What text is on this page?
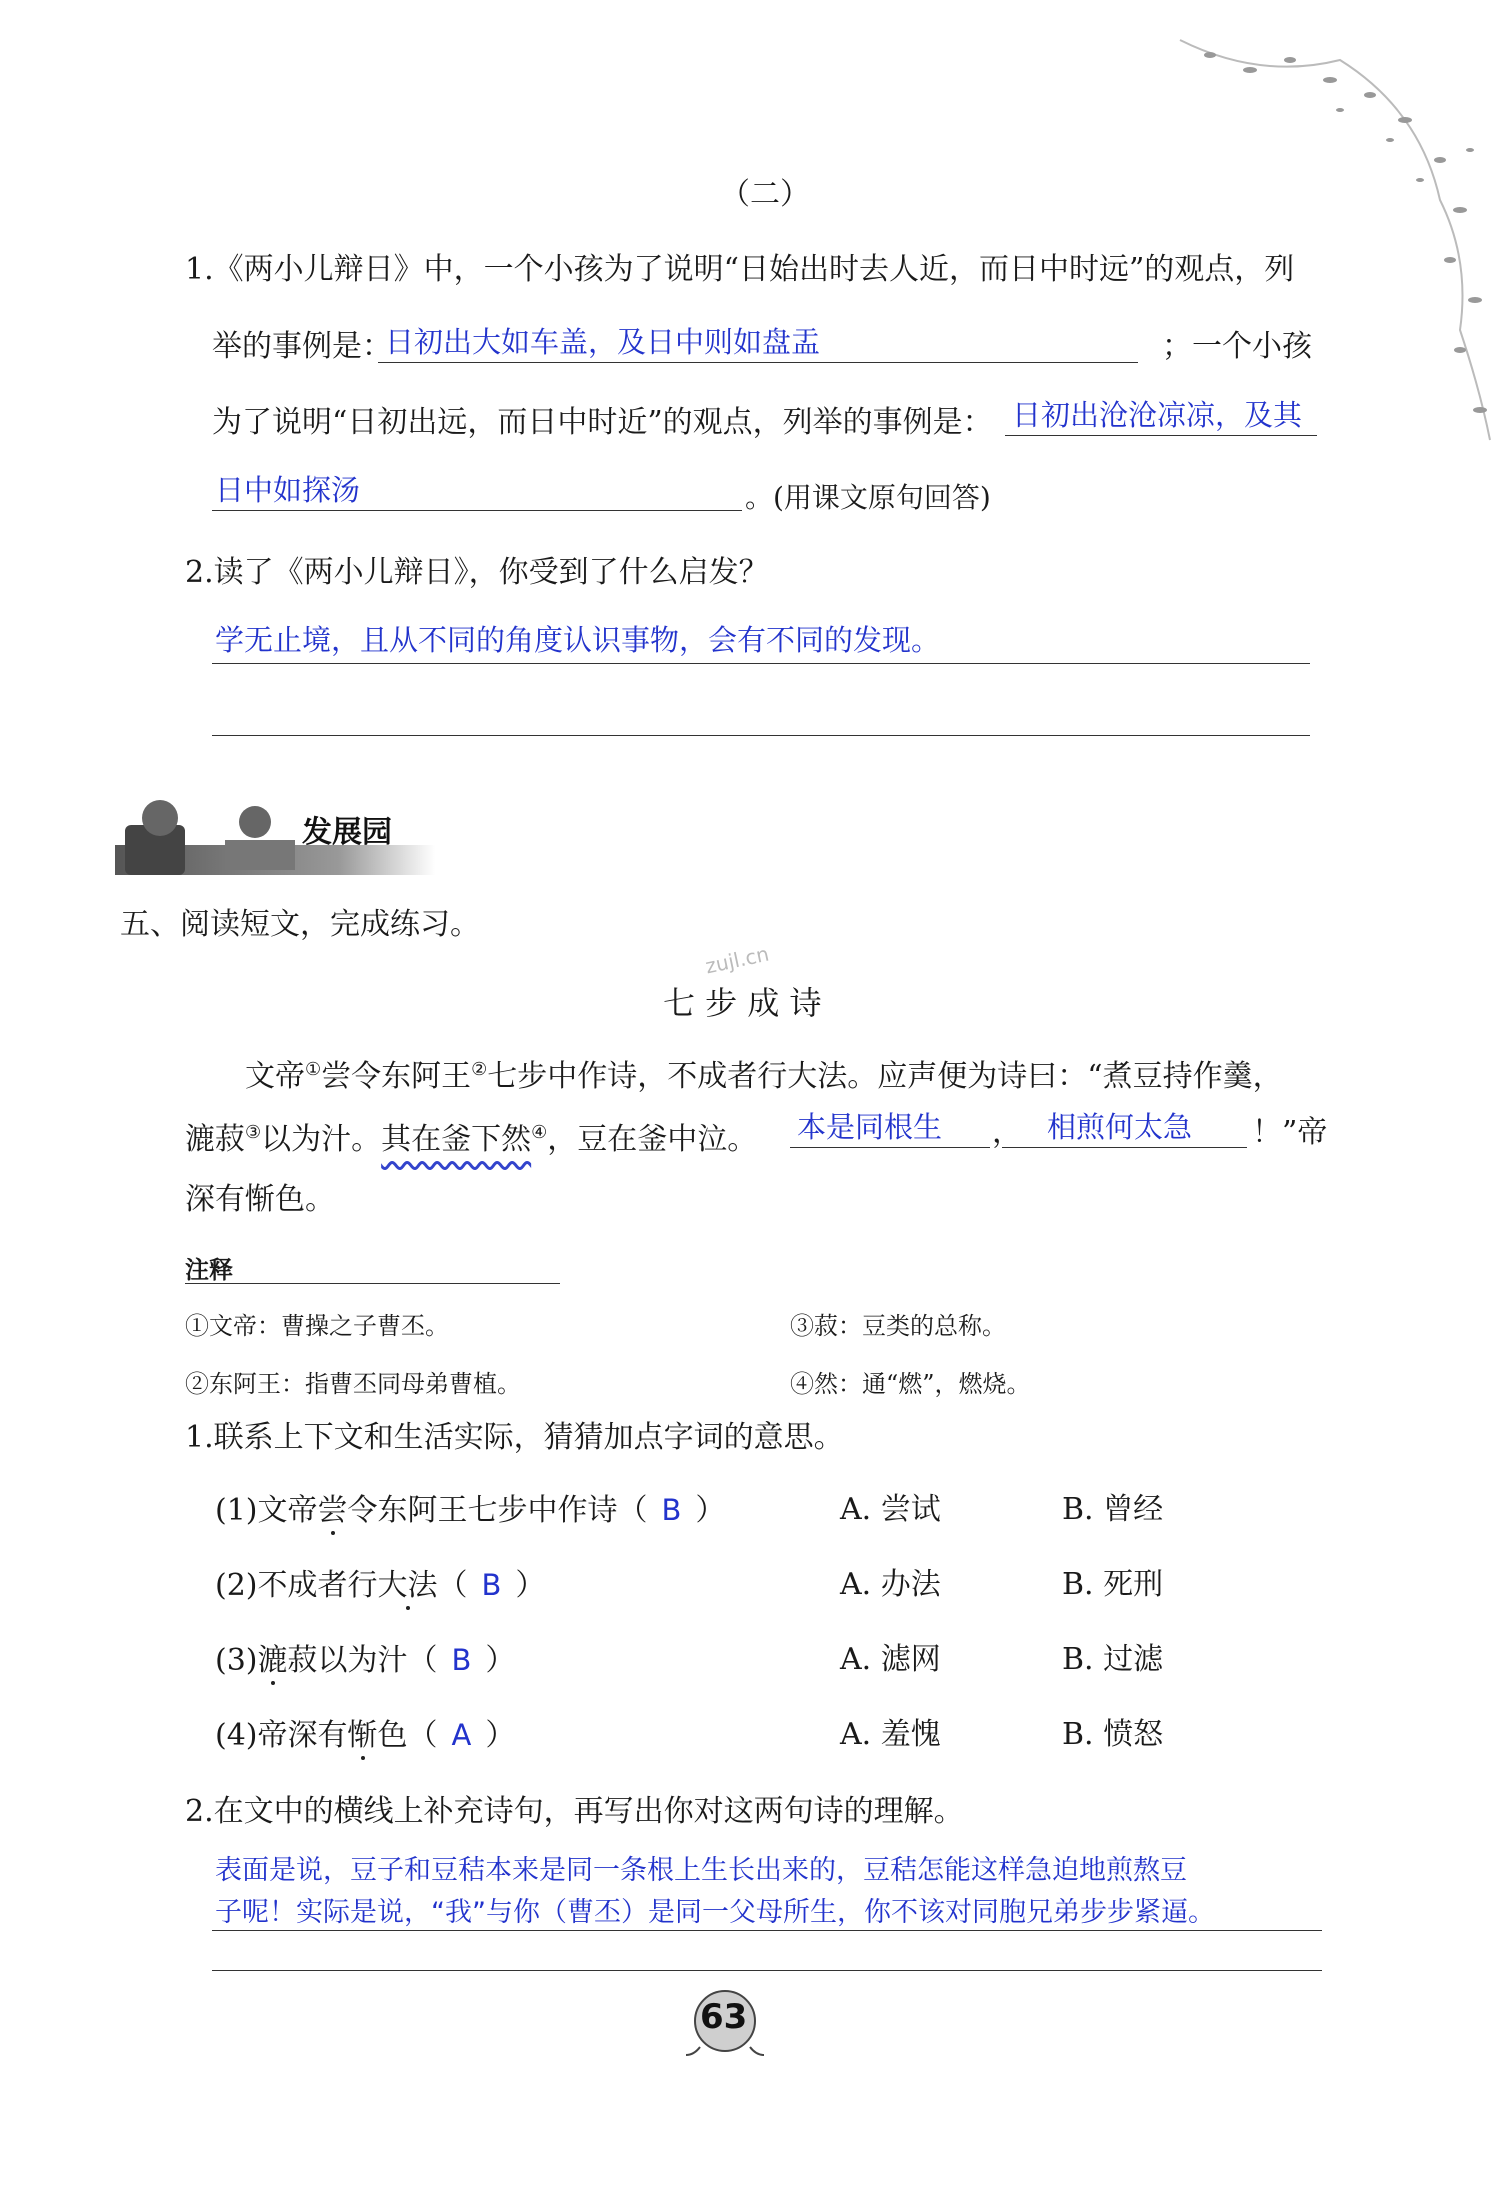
（二）
1.《两小儿辩日》中，一个小孩为了说明“日始出时去人近，而日中时远”的观点，列
举的事例是：
日初出大如车盖，及日中则如盘盂	；一个小孩
为了说明“日初出远，而日中时近”的观点，列举的事例是： 日初出沧沧凉凉，及其
日中如探汤	。(用课文原句回答)
2.读了《两小儿辩日》，你受到了什么启发？
学无止境，且从不同的角度认识事物，会有不同的发现。
发展园
五、阅读短文，完成练习。
zujl.cn
七 步 成 诗
文帝①尝令东阿王②七步中作诗，不成者行大法。应声便为诗曰：“煮豆持作羹，
漉菽③以为汁。其在釜下然④，豆在釜中泣。 本是同根生 ， 相煎何太急 ！”帝
深有惭色。
注释
①文帝：曹操之子曹丕。	③菽：豆类的总称。
②东阿王：指曹丕同母弟曹植。	④然：通“燃”，燃烧。
1.联系上下文和生活实际，猜猜加点字词的意思。
(1)文帝尝令东阿王七步中作诗（ B ）	A. 尝试	B. 曾经
(2)不成者行大法（ B ）	A. 办法	B. 死刑
(3)漉菽以为汁（ B ）	A. 滤网	B. 过滤
(4)帝深有惭色（ A ）	A. 羞愧	B. 愤怒
2.在文中的横线上补充诗句，再写出你对这两句诗的理解。
表面是说，豆子和豆秸本来是同一条根上生长出来的，豆秸怎能这样急迫地煎熬豆
子呢！实际是说，“我”与你（曹丕）是同一父母所生，你不该对同胞兄弟步步紧逼。
63
